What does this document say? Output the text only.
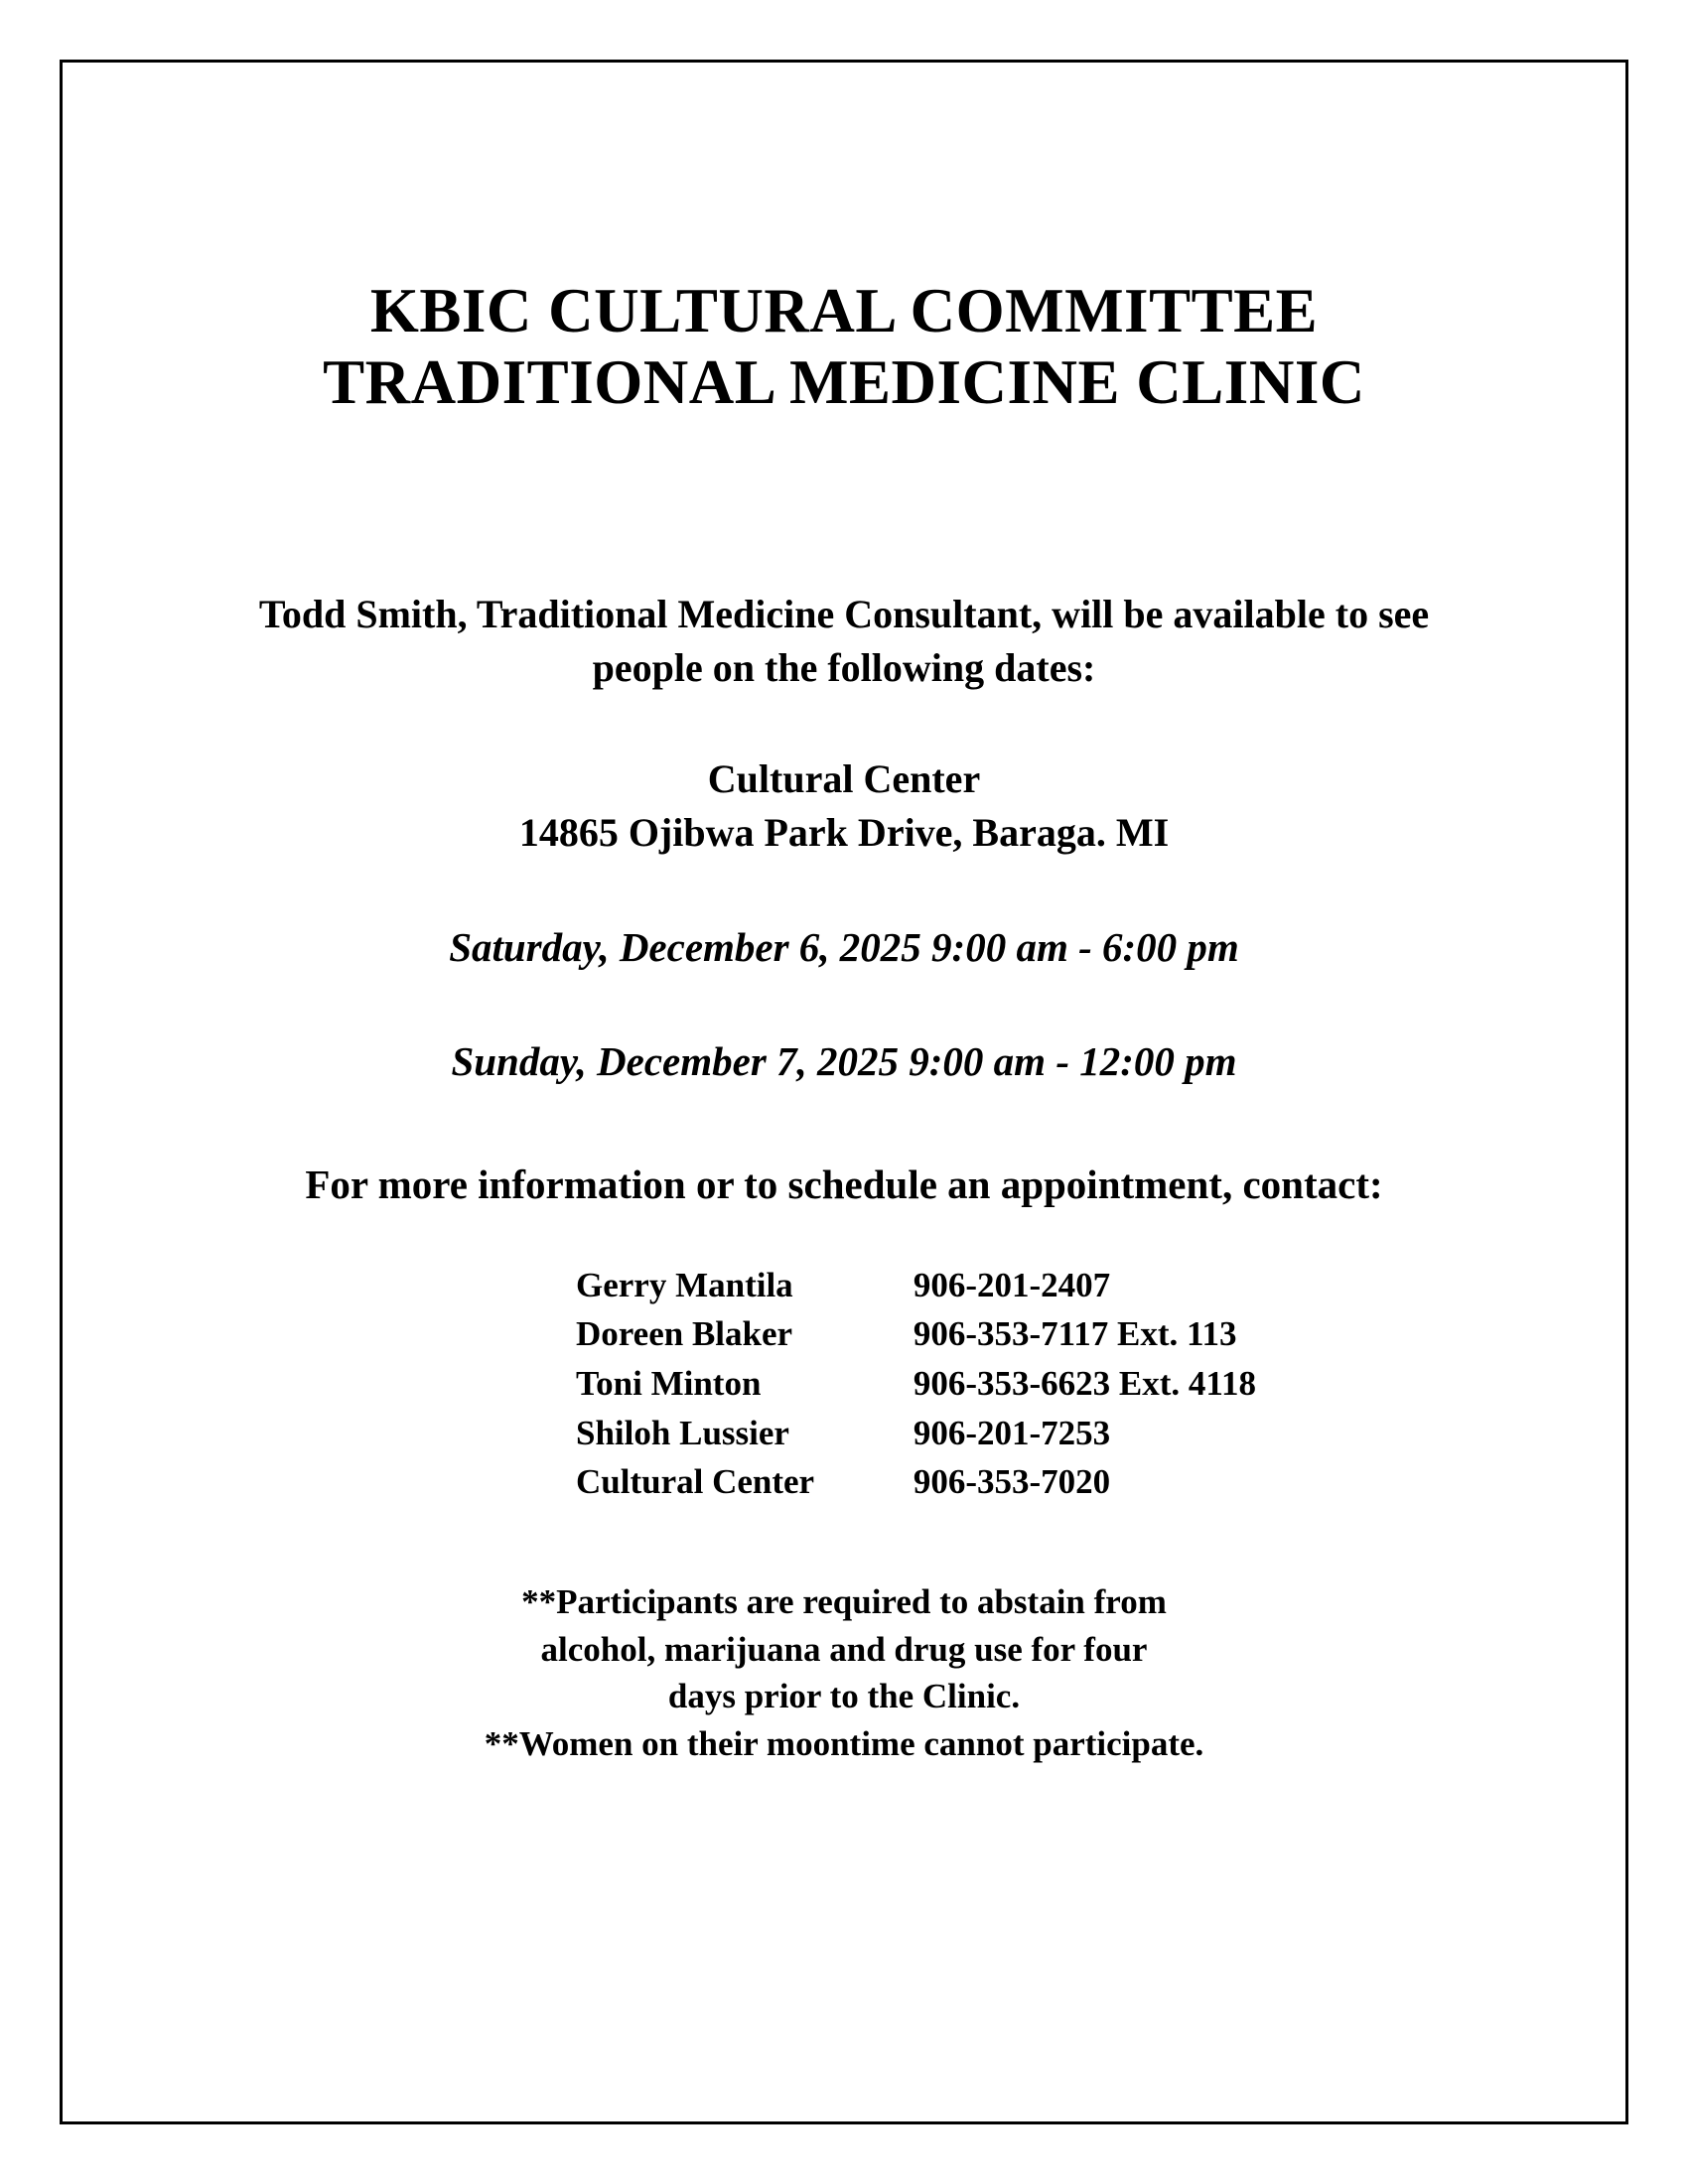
KBIC CULTURAL COMMITTEE
TRADITIONAL MEDICINE CLINIC
Todd Smith, Traditional Medicine Consultant, will be available to see people on the following dates:
Cultural Center
14865 Ojibwa Park Drive, Baraga. MI
Saturday, December 6, 2025 9:00 am - 6:00 pm
Sunday, December 7, 2025 9:00 am - 12:00 pm
For more information or to schedule an appointment, contact:
Gerry Mantila	906-201-2407
Doreen Blaker	906-353-7117 Ext. 113
Toni Minton	906-353-6623 Ext. 4118
Shiloh Lussier	906-201-7253
Cultural Center	906-353-7020
**Participants are required to abstain from
alcohol, marijuana and drug use for four
days prior to the Clinic.
**Women on their moontime cannot participate.
